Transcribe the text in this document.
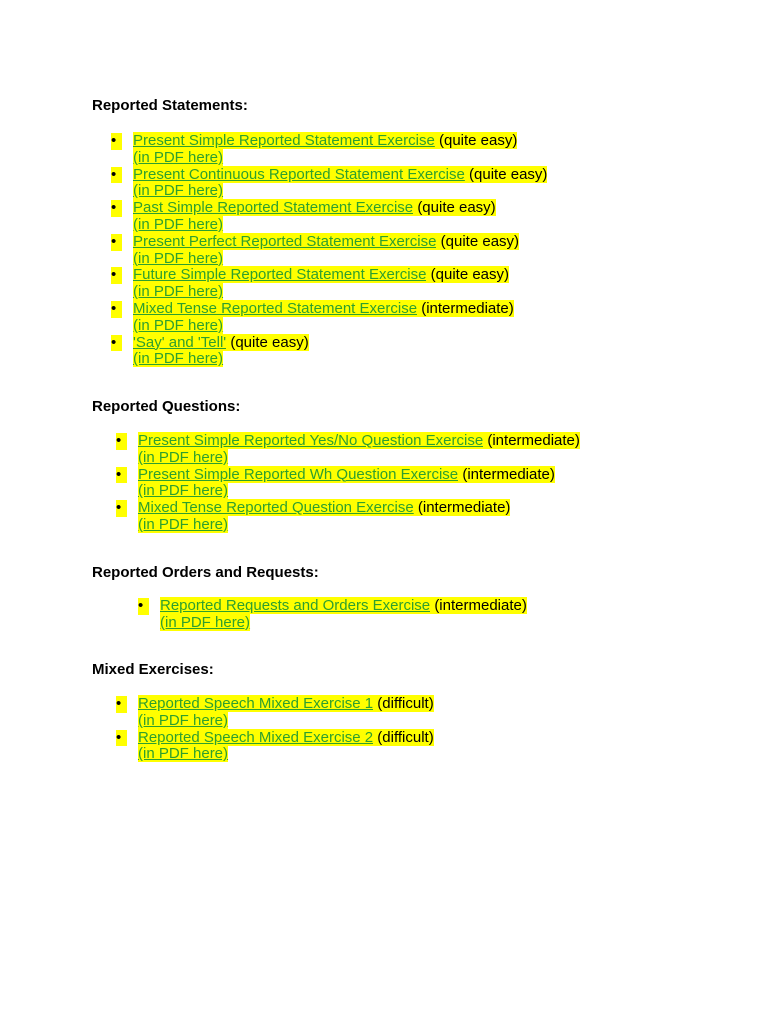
Reported Statements:

•	Present Simple Reported Statement Exercise (quite easy)
(in PDF here)
•	Present Continuous Reported Statement Exercise (quite easy)
(in PDF here)
•	Past Simple Reported Statement Exercise (quite easy)
(in PDF here)
•	Present Perfect Reported Statement Exercise (quite easy)
(in PDF here)
•	Future Simple Reported Statement Exercise (quite easy)
(in PDF here)
•	Mixed Tense Reported Statement Exercise (intermediate)
(in PDF here)
•	'Say' and 'Tell' (quite easy)
(in PDF here)

Reported Questions:

•	Present Simple Reported Yes/No Question Exercise (intermediate)
(in PDF here)
•	Present Simple Reported Wh Question Exercise (intermediate)
(in PDF here)
•	Mixed Tense Reported Question Exercise (intermediate)
(in PDF here)

Reported Orders and Requests:

•	Reported Requests and Orders Exercise (intermediate)
(in PDF here)

Mixed Exercises:

•	Reported Speech Mixed Exercise 1 (difficult)
(in PDF here)
•	Reported Speech Mixed Exercise 2 (difficult)
(in PDF here)
